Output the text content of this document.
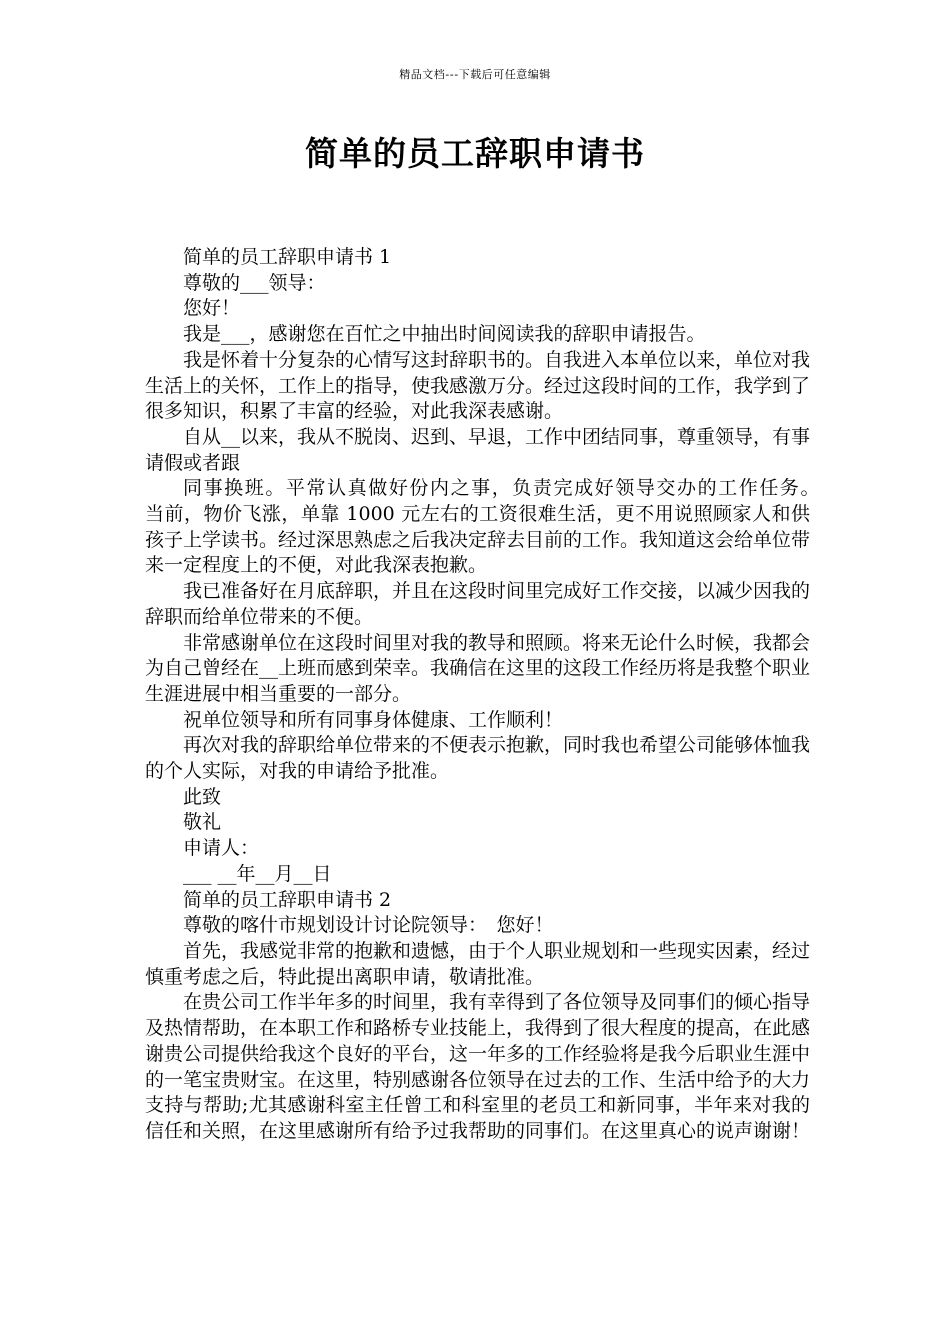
精品文档---下载后可任意编辑
简单的员工辞职申请书

简单的员工辞职申请书 1

尊敬的___领导：

您好！

我是___，感谢您在百忙之中抽出时间阅读我的辞职申请报告。

我是怀着十分复杂的心情写这封辞职书的。自我进入本单位以来，单位对我生活上的关怀，工作上的指导，使我感激万分。经过这段时间的工作，我学到了很多知识，积累了丰富的经验，对此我深表感谢。

自从__以来，我从不脱岗、迟到、早退，工作中团结同事，尊重领导，有事请假或者跟

同事换班。平常认真做好份内之事，负责完成好领导交办的工作任务。　　当前，物价飞涨，单靠 1000 元左右的工资很难生活，更不用说照顾家人和供孩子上学读书。经过深思熟虑之后我决定辞去目前的工作。我知道这会给单位带来一定程度上的不便，对此我深表抱歉。

我已准备好在月底辞职，并且在这段时间里完成好工作交接，以减少因我的辞职而给单位带来的不便。

非常感谢单位在这段时间里对我的教导和照顾。将来无论什么时候，我都会为自己曾经在__上班而感到荣幸。我确信在这里的这段工作经历将是我整个职业生涯进展中相当重要的一部分。

祝单位领导和所有同事身体健康、工作顺利！

再次对我的辞职给单位带来的不便表示抱歉，同时我也希望公司能够体恤我的个人实际，对我的申请给予批准。

此致

敬礼

申请人：

___ __年__月__日

简单的员工辞职申请书 2

尊敬的喀什市规划设计讨论院领导：　您好！

首先，我感觉非常的抱歉和遗憾，由于个人职业规划和一些现实因素，经过慎重考虑之后，特此提出离职申请，敬请批准。

在贵公司工作半年多的时间里，我有幸得到了各位领导及同事们的倾心指导及热情帮助，在本职工作和路桥专业技能上，我得到了很大程度的提高，在此感谢贵公司提供给我这个良好的平台，这一年多的工作经验将是我今后职业生涯中的一笔宝贵财宝。在这里，特别感谢各位领导在过去的工作、生活中给予的大力支持与帮助;尤其感谢科室主任曾工和科室里的老员工和新同事，半年来对我的信任和关照，在这里感谢所有给予过我帮助的同事们。在这里真心的说声谢谢！
